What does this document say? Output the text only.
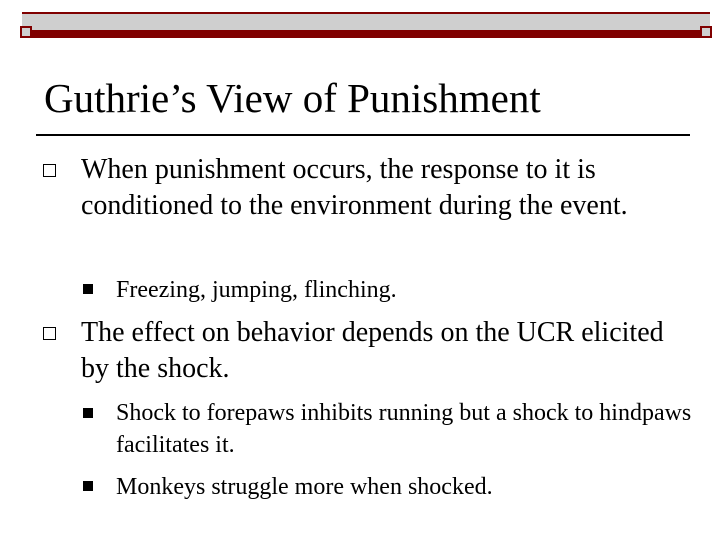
Guthrie’s View of Punishment
When punishment occurs, the response to it is conditioned to the environment during the event.
Freezing, jumping, flinching.
The effect on behavior depends on the UCR elicited by the shock.
Shock to forepaws inhibits running but a shock to hindpaws facilitates it.
Monkeys struggle more when shocked.
